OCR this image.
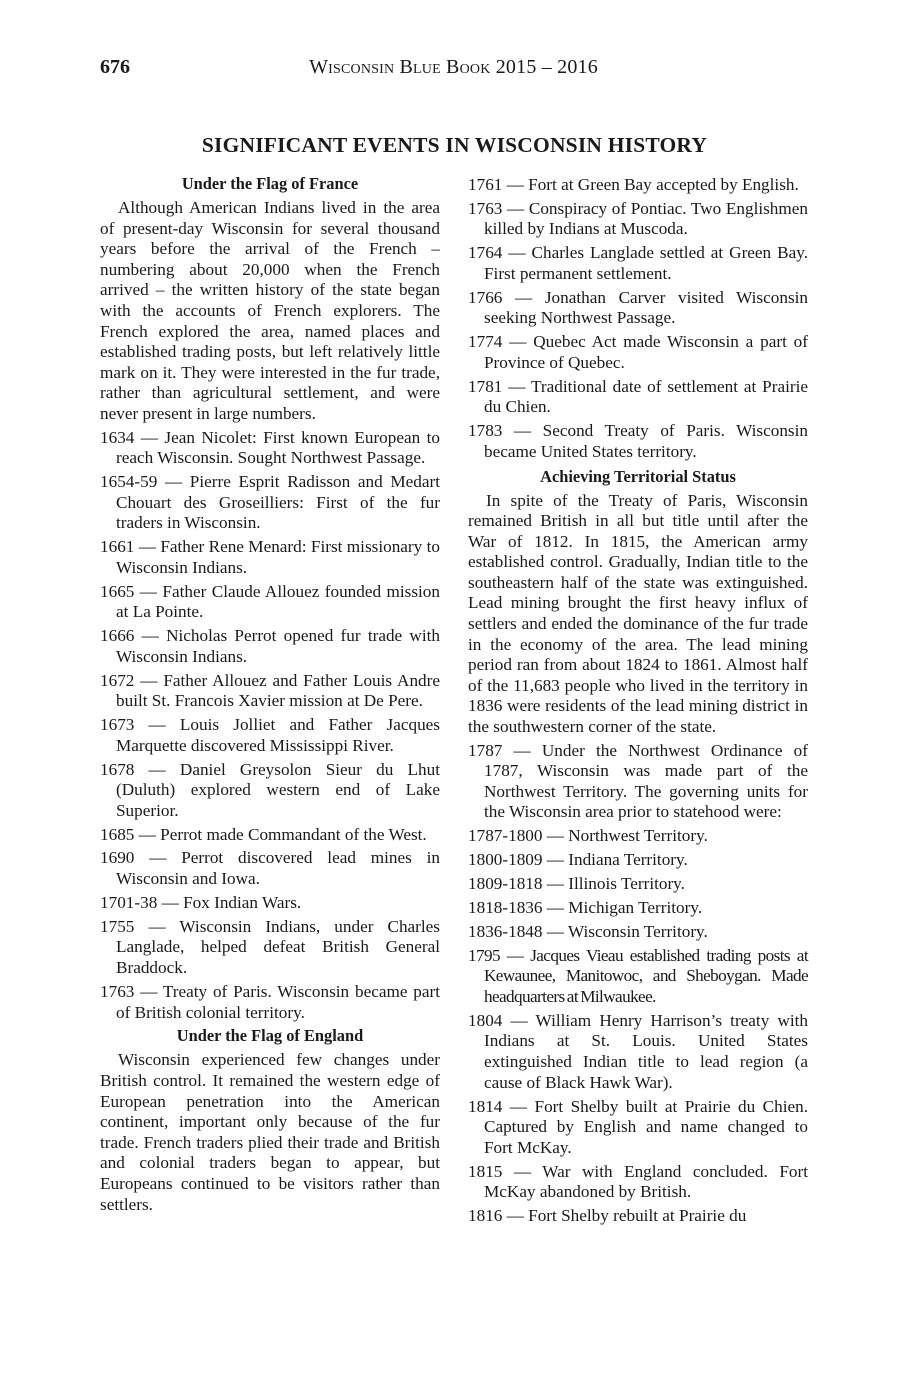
676	Wisconsin Blue Book 2015 – 2016
SIGNIFICANT EVENTS IN WISCONSIN HISTORY
Under the Flag of France

Although American Indians lived in the area of present-day Wisconsin for several thousand years before the arrival of the French – numbering about 20,000 when the French arrived – the written history of the state began with the accounts of French explorers. The French explored the area, named places and established trading posts, but left relatively little mark on it. They were interested in the fur trade, rather than agricultural settlement, and were never present in large numbers.

1634 — Jean Nicolet: First known European to reach Wisconsin. Sought Northwest Passage.

1654-59 — Pierre Esprit Radisson and Medart Chouart des Groseilliers: First of the fur traders in Wisconsin.

1661 — Father Rene Menard: First missionary to Wisconsin Indians.

1665 — Father Claude Allouez founded mission at La Pointe.

1666 — Nicholas Perrot opened fur trade with Wisconsin Indians.

1672 — Father Allouez and Father Louis Andre built St. Francois Xavier mission at De Pere.

1673 — Louis Jolliet and Father Jacques Marquette discovered Mississippi River.

1678 — Daniel Greysolon Sieur du Lhut (Duluth) explored western end of Lake Superior.

1685 — Perrot made Commandant of the West.

1690 — Perrot discovered lead mines in Wisconsin and Iowa.

1701-38 — Fox Indian Wars.

1755 — Wisconsin Indians, under Charles Langlade, helped defeat British General Braddock.

1763 — Treaty of Paris. Wisconsin became part of British colonial territory.

Under the Flag of England

Wisconsin experienced few changes under British control. It remained the western edge of European penetration into the American continent, important only because of the fur trade. French traders plied their trade and British and colonial traders began to appear, but Europeans continued to be visitors rather than settlers.

1761 — Fort at Green Bay accepted by English.

1763 — Conspiracy of Pontiac. Two Englishmen killed by Indians at Muscoda.

1764 — Charles Langlade settled at Green Bay. First permanent settlement.

1766 — Jonathan Carver visited Wisconsin seeking Northwest Passage.

1774 — Quebec Act made Wisconsin a part of Province of Quebec.

1781 — Traditional date of settlement at Prairie du Chien.

1783 — Second Treaty of Paris. Wisconsin became United States territory.

Achieving Territorial Status

In spite of the Treaty of Paris, Wisconsin remained British in all but title until after the War of 1812. In 1815, the American army established control. Gradually, Indian title to the southeastern half of the state was extinguished. Lead mining brought the first heavy influx of settlers and ended the dominance of the fur trade in the economy of the area. The lead mining period ran from about 1824 to 1861. Almost half of the 11,683 people who lived in the territory in 1836 were residents of the lead mining district in the southwestern corner of the state.

1787 — Under the Northwest Ordinance of 1787, Wisconsin was made part of the Northwest Territory. The governing units for the Wisconsin area prior to statehood were:

1787-1800 — Northwest Territory.

1800-1809 — Indiana Territory.

1809-1818 — Illinois Territory.

1818-1836 — Michigan Territory.

1836-1848 — Wisconsin Territory.

1795 — Jacques Vieau established trading posts at Kewaunee, Manitowoc, and Sheboygan. Made headquarters at Milwaukee.

1804 — William Henry Harrison’s treaty with Indians at St. Louis. United States extinguished Indian title to lead region (a cause of Black Hawk War).

1814 — Fort Shelby built at Prairie du Chien. Captured by English and name changed to Fort McKay.

1815 — War with England concluded. Fort McKay abandoned by British.

1816 — Fort Shelby rebuilt at Prairie du
